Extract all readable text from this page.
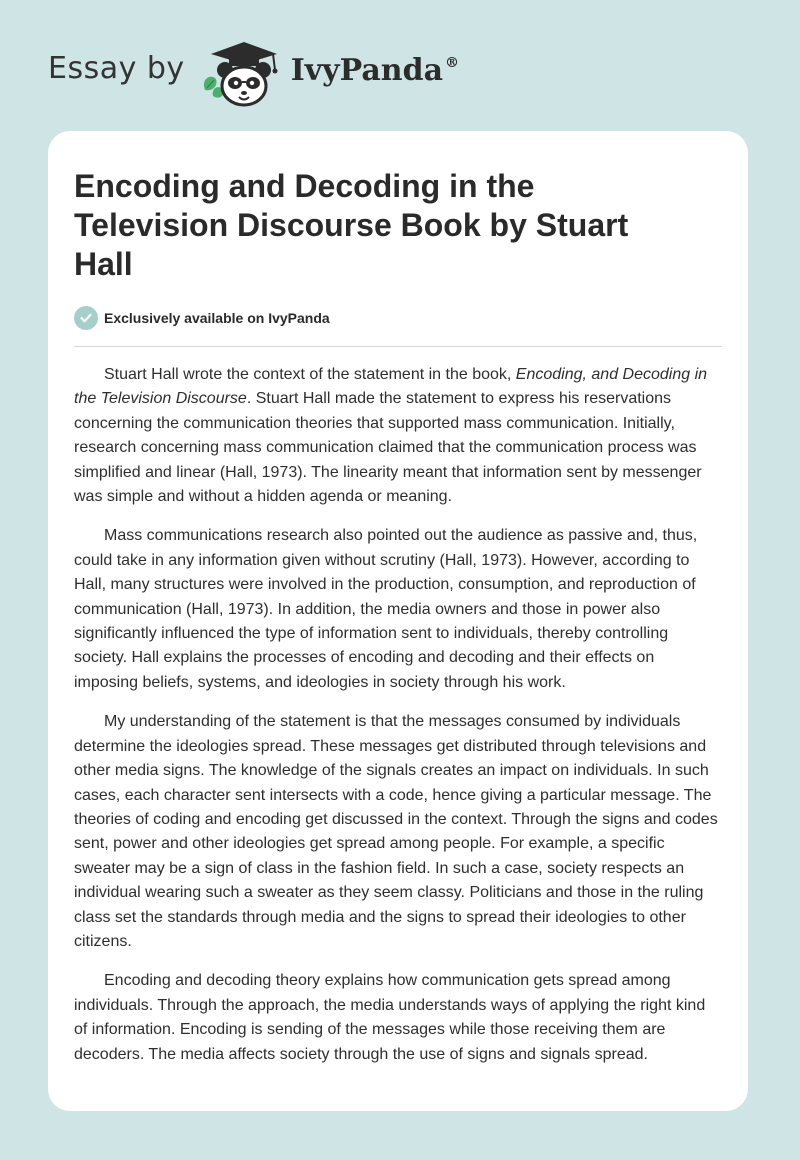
Essay by	IvyPanda ®
Encoding and Decoding in the Television Discourse Book by Stuart Hall
Exclusively available on IvyPanda

Stuart Hall wrote the context of the statement in the book, Encoding, and Decoding in the Television Discourse. Stuart Hall made the statement to express his reservations concerning the communication theories that supported mass communication. Initially, research concerning mass communication claimed that the communication process was simplified and linear (Hall, 1973). The linearity meant that information sent by messenger was simple and without a hidden agenda or meaning.

Mass communications research also pointed out the audience as passive and, thus, could take in any information given without scrutiny (Hall, 1973). However, according to Hall, many structures were involved in the production, consumption, and reproduction of communication (Hall, 1973). In addition, the media owners and those in power also significantly influenced the type of information sent to individuals, thereby controlling society. Hall explains the processes of encoding and decoding and their effects on imposing beliefs, systems, and ideologies in society through his work.

My understanding of the statement is that the messages consumed by individuals determine the ideologies spread. These messages get distributed through televisions and other media signs. The knowledge of the signals creates an impact on individuals. In such cases, each character sent intersects with a code, hence giving a particular message. The theories of coding and encoding get discussed in the context. Through the signs and codes sent, power and other ideologies get spread among people. For example, a specific sweater may be a sign of class in the fashion field. In such a case, society respects an individual wearing such a sweater as they seem classy. Politicians and those in the ruling class set the standards through media and the signs to spread their ideologies to other citizens.

Encoding and decoding theory explains how communication gets spread among individuals. Through the approach, the media understands ways of applying the right kind of information. Encoding is sending of the messages while those receiving them are decoders. The media affects society through the use of signs and signals spread.
